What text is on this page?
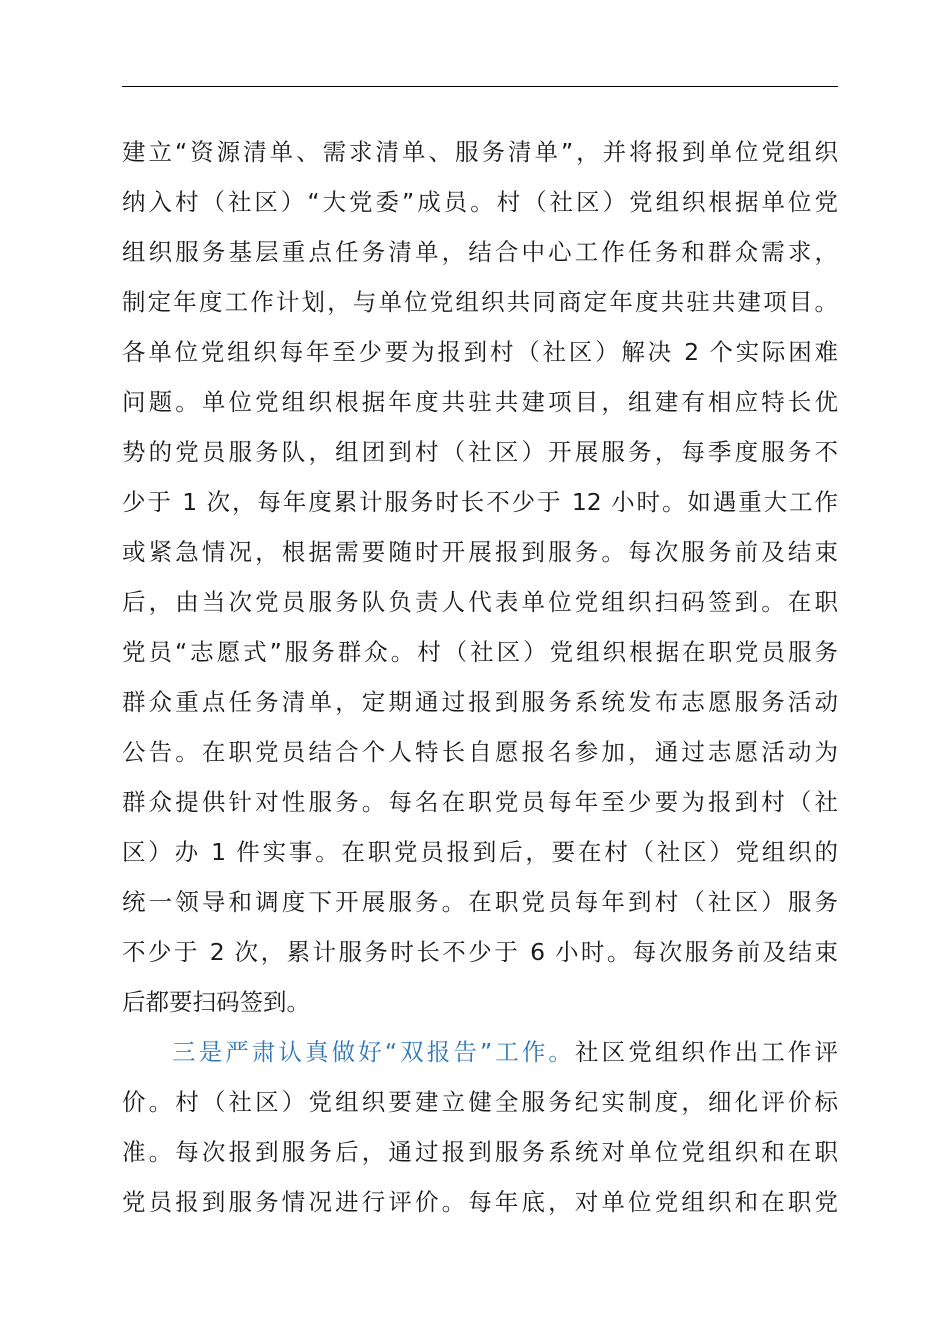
建立“资源清单、需求清单、服务清单”，并将报到单位党组织
纳入村（社区）“大党委”成员。村（社区）党组织根据单位党
组织服务基层重点任务清单，结合中心工作任务和群众需求，
制定年度工作计划，与单位党组织共同商定年度共驻共建项目。
各单位党组织每年至少要为报到村（社区）解决 2 个实际困难
问题。单位党组织根据年度共驻共建项目，组建有相应特长优
势的党员服务队，组团到村（社区）开展服务，每季度服务不
少于 1 次，每年度累计服务时长不少于 12 小时。如遇重大工作
或紧急情况，根据需要随时开展报到服务。每次服务前及结束
后，由当次党员服务队负责人代表单位党组织扫码签到。在职
党员“志愿式”服务群众。村（社区）党组织根据在职党员服务
群众重点任务清单，定期通过报到服务系统发布志愿服务活动
公告。在职党员结合个人特长自愿报名参加，通过志愿活动为
群众提供针对性服务。每名在职党员每年至少要为报到村（社
区）办 1 件实事。在职党员报到后，要在村（社区）党组织的
统一领导和调度下开展服务。在职党员每年到村（社区）服务
不少于 2 次，累计服务时长不少于 6 小时。每次服务前及结束
后都要扫码签到。
三是严肃认真做好“双报告”工作。社区党组织作出工作评
价。村（社区）党组织要建立健全服务纪实制度，细化评价标
准。每次报到服务后，通过报到服务系统对单位党组织和在职
党员报到服务情况进行评价。每年底，对单位党组织和在职党
